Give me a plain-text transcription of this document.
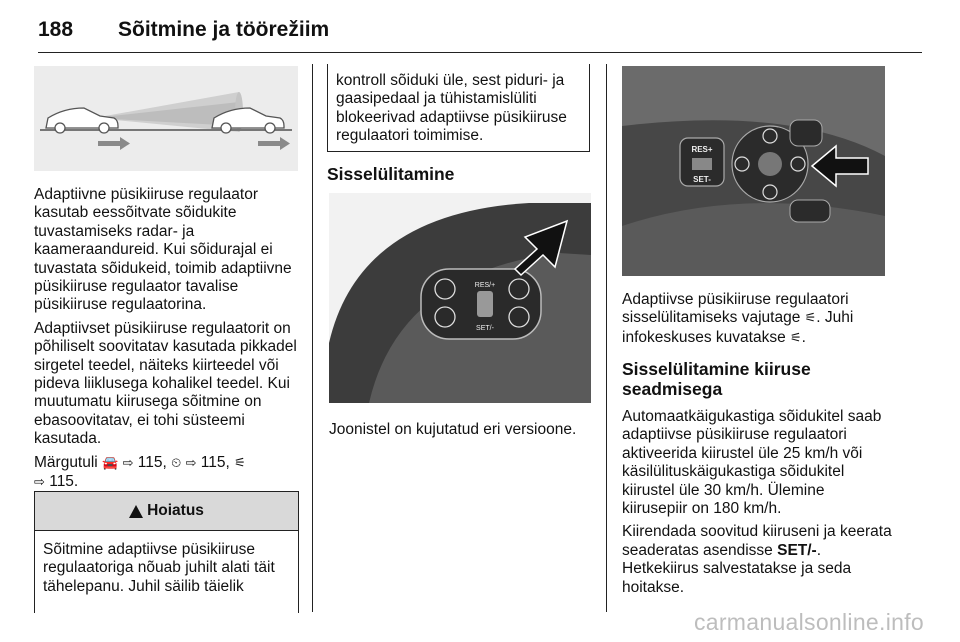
188 Sõitmine ja töörežiim

Adaptiivne püsikiiruse regulaator kasutab eessõitvate sõidukite tuvastamiseks radar- ja kaameraandureid. Kui sõidurajal ei tuvastata sõidukeid, toimib adaptiivne püsikiiruse regulaator tavalise püsikiiruse regulaatorina.

Adaptiivset püsikiiruse regulaatorit on põhiliselt soovitatav kasutada pikkadel sirgetel teedel, näiteks kiirteedel või pideva liiklusega kohalikel teedel. Kui muutumatu kiirusega sõitmine on ebasoovitatav, ei tohi süsteemi kasutada.

Märgutuli 🚘 ⇨ 115, ⏲ ⇨ 115, ⚟
⇨ 115.

Hoiatus
Sõitmine adaptiivse püsikiiruse regulaatoriga nõuab juhilt alati täit tähelepanu. Juhil säilib täielik
kontroll sõiduki üle, sest piduri- ja gaasipedaal ja tühistamislüliti blokeerivad adaptiivse püsikiiruse regulaatori toimimise.
Sisselülitamine
RES/+
SET/-
Joonistel on kujutatud eri versioone.
RES+
SET-

Adaptiivse püsikiiruse regulaatori sisselülitamiseks vajutage ⚟. Juhi infokeskuses kuvatakse ⚟.

Sisselülitamine kiiruse seadmisega

Automaatkäigukastiga sõidukitel saab adaptiivse püsikiiruse regulaatori aktiveerida kiirustel üle 25 km/h või käsilülituskäigukastiga sõidukitel kiirustel üle 30 km/h. Ülemine kiirusepiir on 180 km/h.

Kiirendada soovitud kiiruseni ja keerata seaderatas asendisse SET/-. Hetkekiirus salvestatakse ja seda hoitakse.

carmanualsonline.info
